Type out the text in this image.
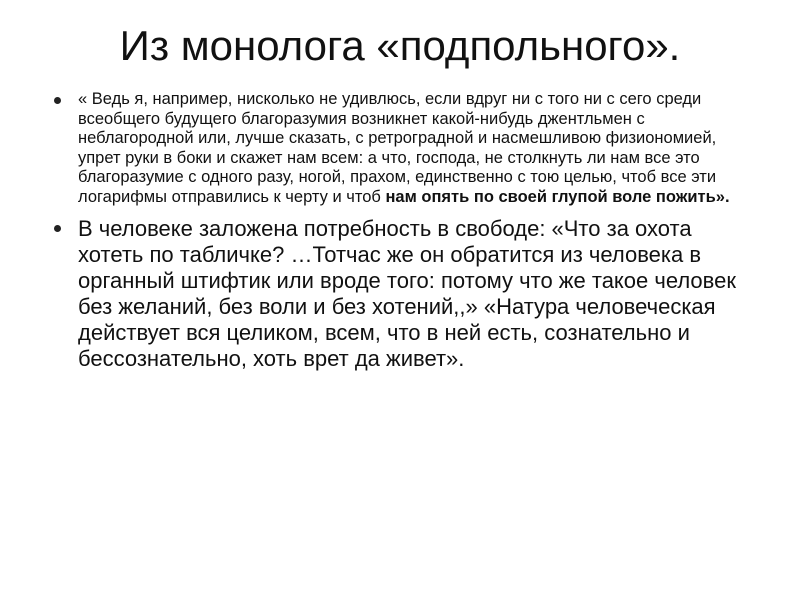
Из монолога «подпольного».
« Ведь я, например, нисколько не удивлюсь, если вдруг ни с того ни с сего среди всеобщего будущего благоразумия возникнет какой-нибудь джентльмен с неблагородной или, лучше сказать, с ретроградной и насмешливою физиономией, упрет руки в боки и скажет нам всем: а что, господа, не столкнуть ли нам все это благоразумие с одного разу, ногой, прахом, единственно с тою целью, чтоб все эти логарифмы отправились к черту и чтоб нам опять по своей глупой воле пожить».
В человеке заложена потребность в свободе: «Что за охота хотеть по табличке? …Тотчас же он обратится из человека в органный штифтик или вроде того: потому что же такое человек без желаний, без воли и без хотений,,» «Натура человеческая действует вся целиком, всем, что в ней есть, сознательно и бессознательно, хоть врет да живет».
